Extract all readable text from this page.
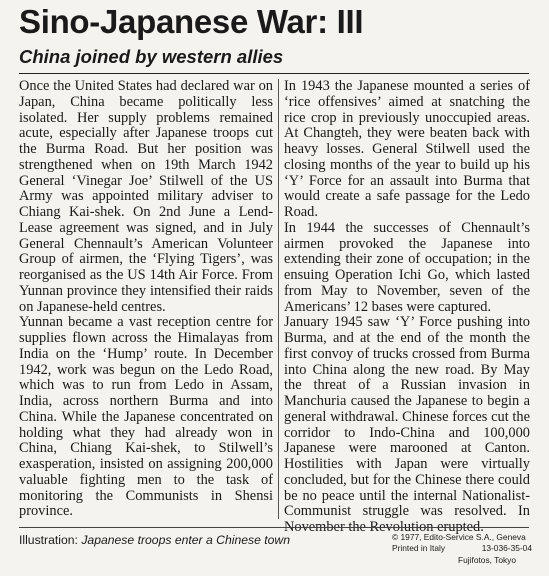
Sino-Japanese War: III
China joined by western allies

Once the United States had declared war on Japan, China became politically less isolated. Her supply problems remained acute, especially after Japanese troops cut the Burma Road. But her position was strengthened when on 19th March 1942 General ‘Vinegar Joe’ Stilwell of the US Army was appointed military adviser to Chiang Kai-shek. On 2nd June a Lend-Lease agreement was signed, and in July General Chennault’s American Volunteer Group of airmen, the ‘Flying Tigers’, was reorganised as the US 14th Air Force. From Yunnan province they intensified their raids on Japanese-held centres.

Yunnan became a vast reception centre for supplies flown across the Himalayas from India on the ‘Hump’ route. In December 1942, work was begun on the Ledo Road, which was to run from Ledo in Assam, India, across northern Burma and into China. While the Japanese concentrated on holding what they had already won in China, Chiang Kai-shek, to Stilwell’s exasperation, insisted on assigning 200,000 valuable fighting men to the task of monitoring the Communists in Shensi province.

In 1943 the Japanese mounted a series of ‘rice offensives’ aimed at snatching the rice crop in previously unoccupied areas. At Changteh, they were beaten back with heavy losses. General Stilwell used the closing months of the year to build up his ‘Y’ Force for an assault into Burma that would create a safe passage for the Ledo Road.

In 1944 the successes of Chennault’s airmen provoked the Japanese into extending their zone of occupation; in the ensuing Operation Ichi Go, which lasted from May to November, seven of the Americans’ 12 bases were captured.

January 1945 saw ‘Y’ Force pushing into Burma, and at the end of the month the first convoy of trucks crossed from Burma into China along the new road. By May the threat of a Russian invasion in Manchuria caused the Japanese to begin a general withdrawal. Chinese forces cut the corridor to Indo-China and 100,000 Japanese were marooned at Canton. Hostilities with Japan were virtually concluded, but for the Chinese there could be no peace until the internal Nationalist-Communist struggle was resolved. In November the Revolution erupted.

Illustration: Japanese troops enter a Chinese town	© 1977, Edito-Service S.A., Geneva
Printed in Italy	13-036-35-04
Fujifotos, Tokyo
